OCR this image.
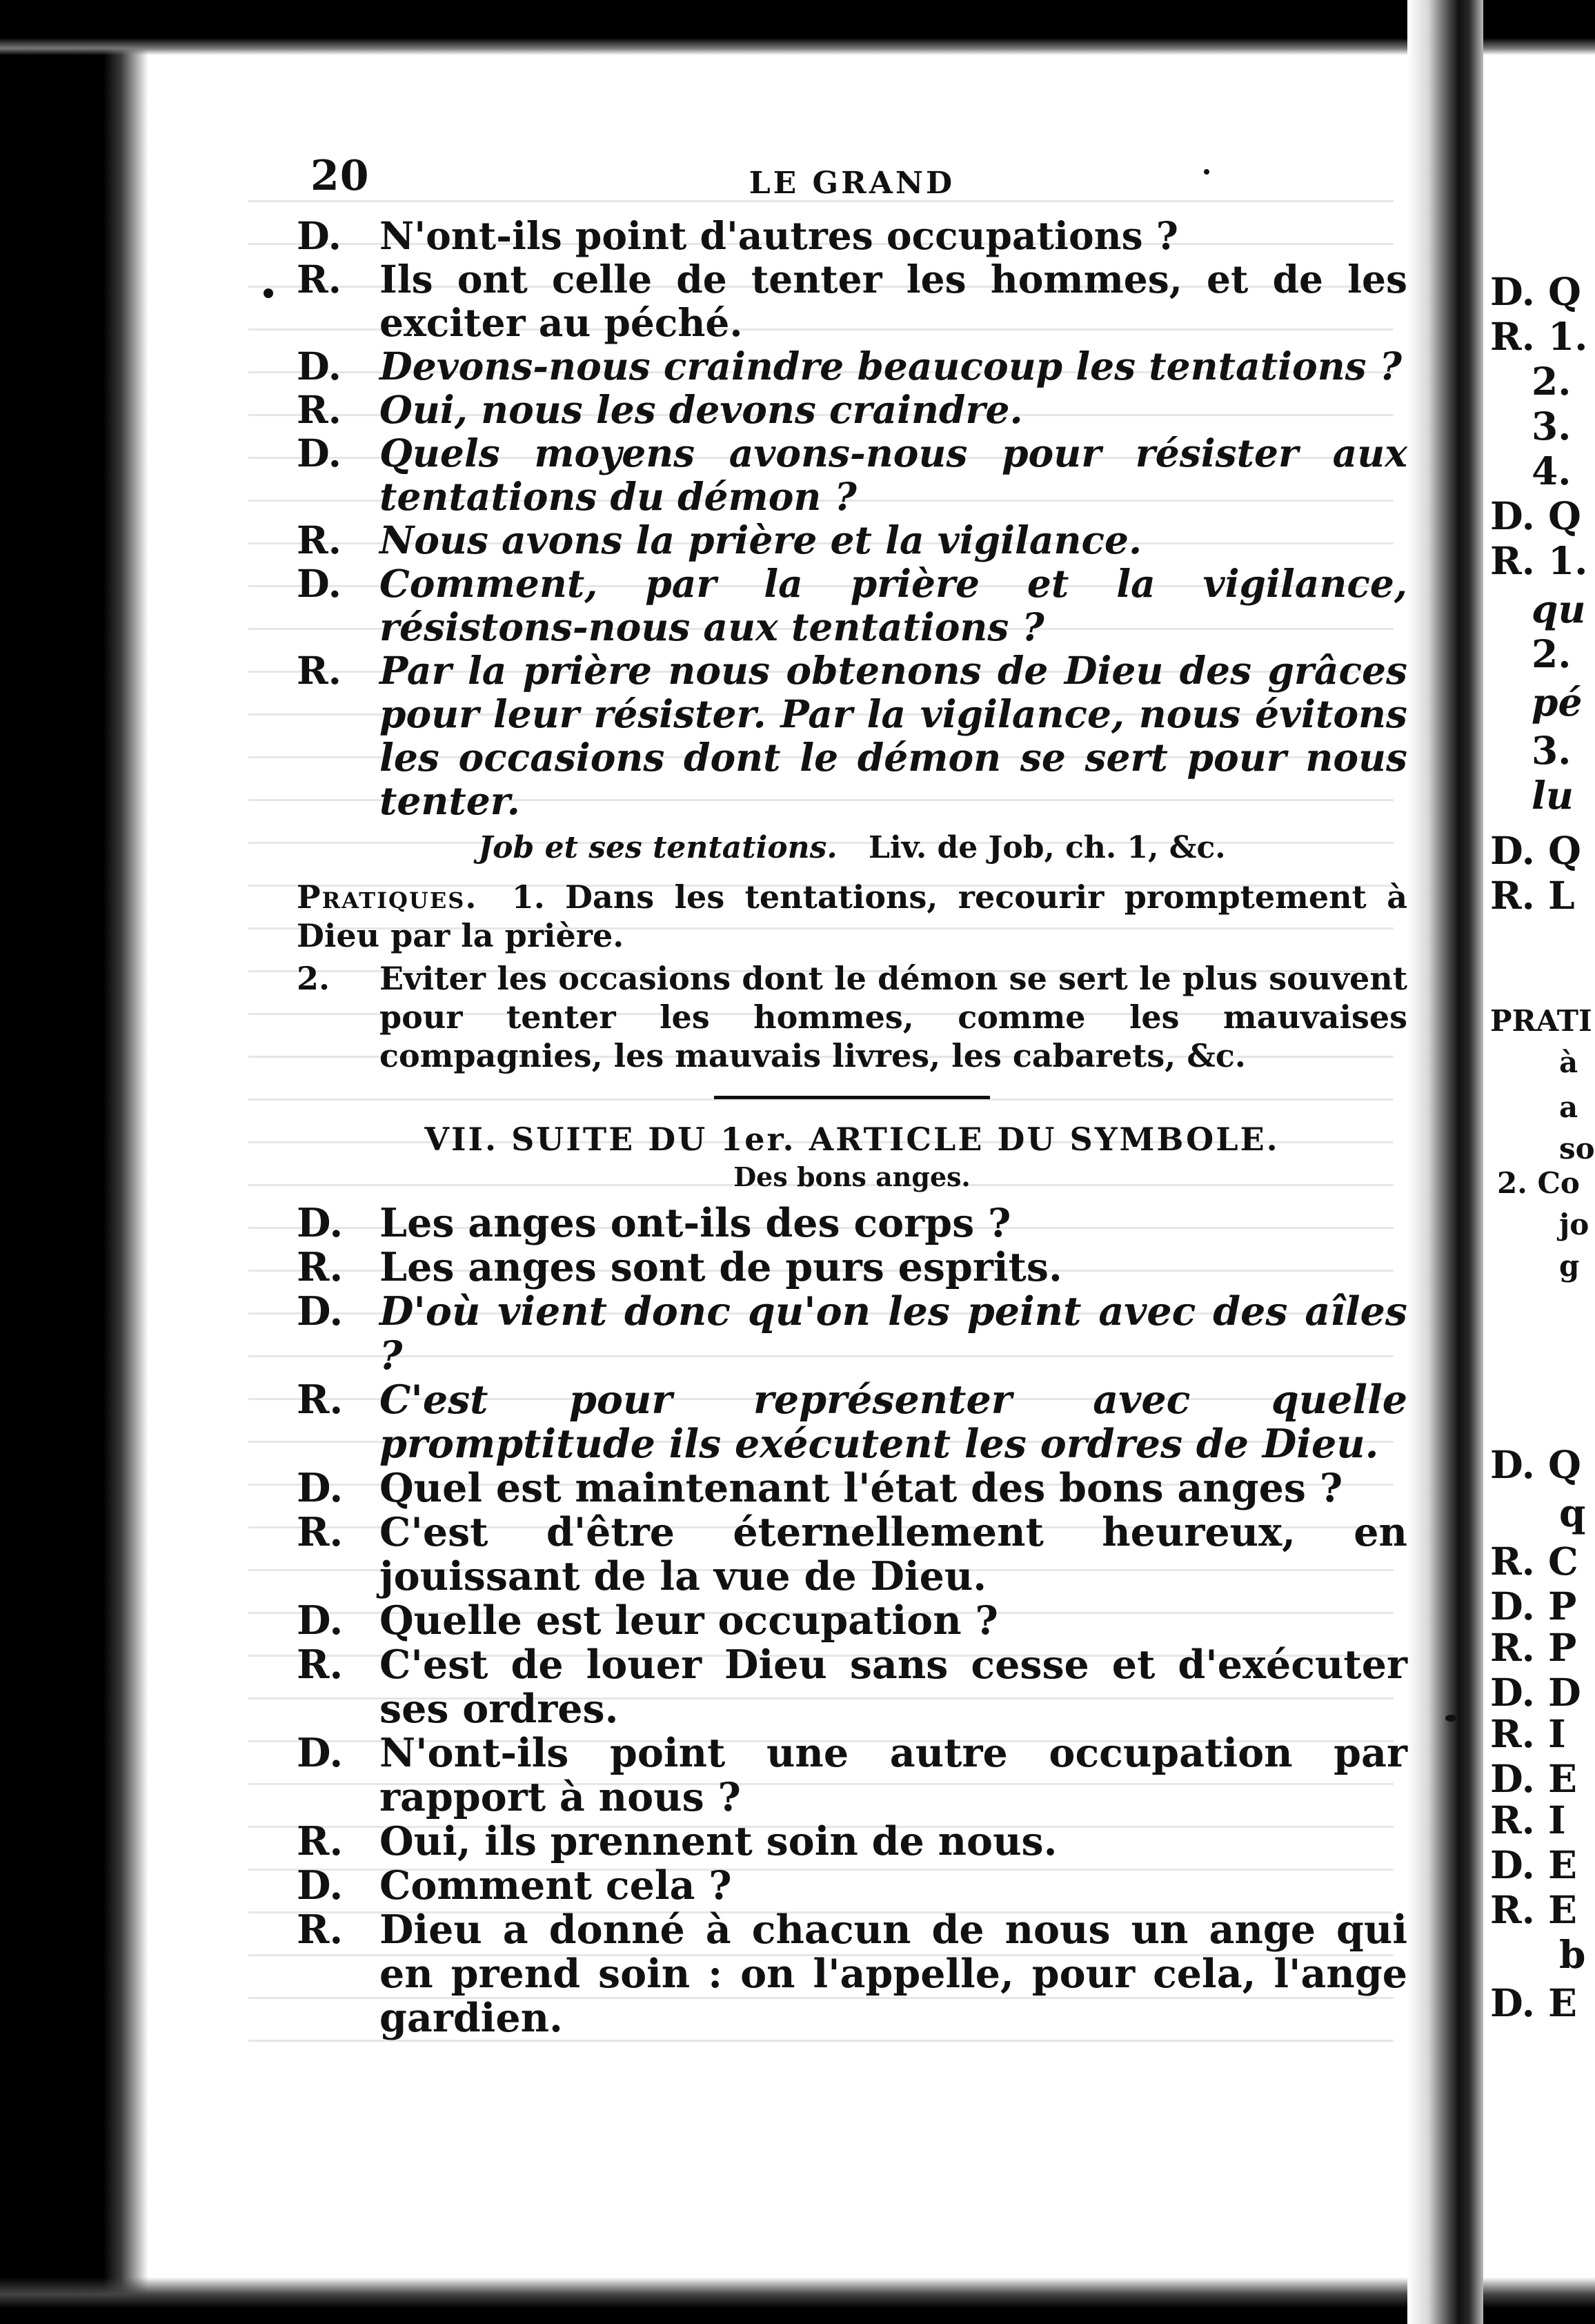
20	LE GRAND
D. N'ont-ils point d'autres occupations ?
R. Ils ont celle de tenter les hommes, et de les exciter au péché.
D. Devons-nous craindre beaucoup les tentations ?
R. Oui, nous les devons craindre.
D. Quels moyens avons-nous pour résister aux tentations du démon ?
R. Nous avons la prière et la vigilance.
D. Comment, par la prière et la vigilance, résistons-nous aux tentations ?
R. Par la prière nous obtenons de Dieu des grâces pour leur résister. Par la vigilance, nous évitons les occasions dont le démon se sert pour nous tenter.
Job et ses tentations. Liv. de Job, ch. 1, &c.
Pratiques. 1. Dans les tentations, recourir promptement à Dieu par la prière.
2. Eviter les occasions dont le démon se sert le plus souvent pour tenter les hommes, comme les mauvaises compagnies, les mauvais livres, les cabarets, &c.
VII. SUITE DU 1er. ARTICLE DU SYMBOLE.
Des bons anges.
D. Les anges ont-ils des corps ?
R. Les anges sont de purs esprits.
D. D'où vient donc qu'on les peint avec des aîles ?
R. C'est pour représenter avec quelle promptitude ils exécutent les ordres de Dieu.
D. Quel est maintenant l'état des bons anges ?
R. C'est d'être éternellement heureux, en jouissant de la vue de Dieu.
D. Quelle est leur occupation ?
R. C'est de louer Dieu sans cesse et d'exécuter ses ordres.
D. N'ont-ils point une autre occupation par rapport à nous ?
R. Oui, ils prennent soin de nous.
D. Comment cela ?
R. Dieu a donné à chacun de nous un ange qui en prend soin : on l'appelle, pour cela, l'ange gardien.
D. Q
R. 1.
2.
3.
4.
D. Q
R. 1.
qu
2.
pé
3.
lu
D. Q
R. L
PRATI
à
a
so
2. Co
jo
g
D. Q
q
R. C
D. P
R. P
D. D
R. I
D. E
R. I
D. E
R. E
b
D. E
